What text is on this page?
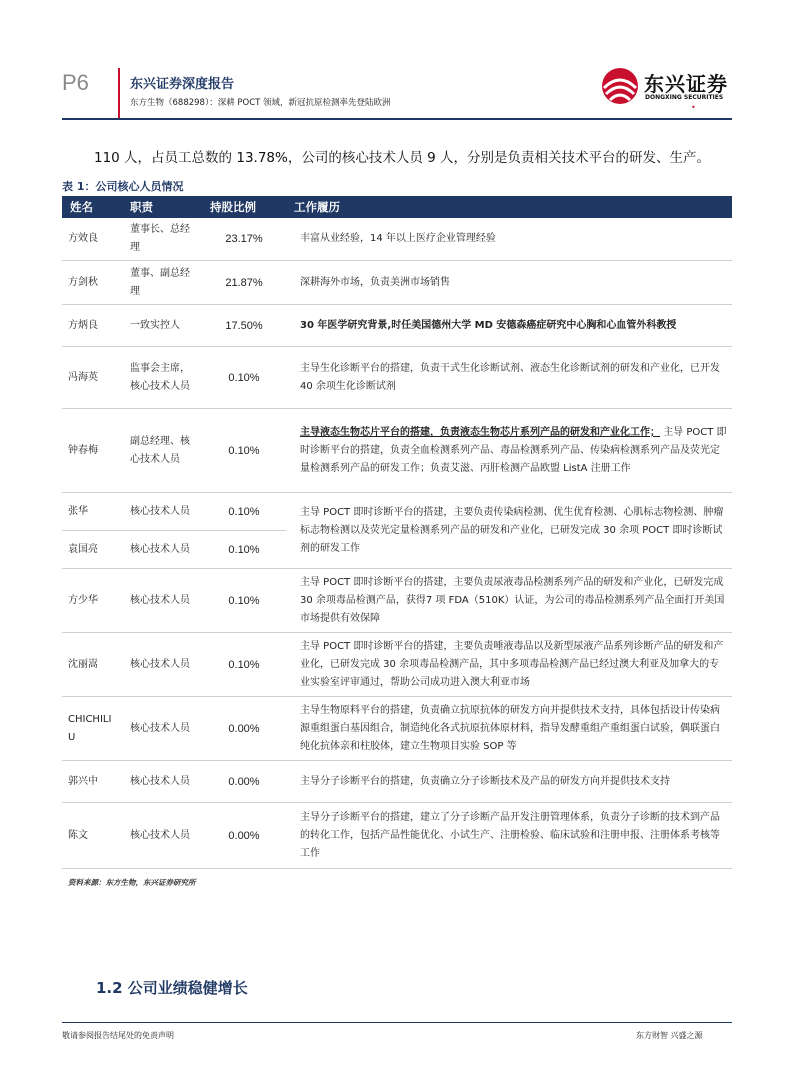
P6	东兴证券深度报告
东方生物（688298）：深耕 POCT 领域，新冠抗原检测率先登陆欧洲
东兴证券
DONGXING SECURITIES
•
110 人，占员工总数的 13.78%，公司的核心技术人员 9 人，分别是负责相关技术平台的研发、生产。
表 1：公司核心人员情况
姓名	职责	持股比例	工作履历
方效良	董事长、总经理	23.17%	丰富从业经验，14 年以上医疗企业管理经验
方剑秋	董事、副总经理	21.87%	深耕海外市场，负责美洲市场销售
方炳良	一致实控人	17.50%	30 年医学研究背景,时任美国德州大学 MD 安德森癌症研究中心胸和心血管外科教授
冯海英	监事会主席，核心技术人员	0.10%	主导生化诊断平台的搭建，负责干式生化诊断试剂、液态生化诊断试剂的研发和产业化，已开发 40 余项生化诊断试剂
钟春梅	副总经理、核心技术人员	0.10%	主导液态生物芯片平台的搭建，负责液态生物芯片系列产品的研发和产业化工作； 主导 POCT 即时诊断平台的搭建，负责全血检测系列产品、毒品检测系列产品、传染病检测系列产品及荧光定量检测系列产品的研发工作；负责艾滋、丙肝检测产品欧盟 ListA 注册工作
张华	核心技术人员	0.10%	主导 POCT 即时诊断平台的搭建，主要负责传染病检测、优生优育检测、心肌标志物检测、肿瘤标志物检测以及荧光定量检测系列产品的研发和产业化，已研发完成 30 余项 POCT 即时诊断试剂的研发工作
袁国亮	核心技术人员	0.10%	
方少华	核心技术人员	0.10%	主导 POCT 即时诊断平台的搭建，主要负责尿液毒品检测系列产品的研发和产业化，已研发完成 30 余项毒品检测产品，获得7 项 FDA（510K）认证，为公司的毒品检测系列产品全面打开美国市场提供有效保障
沈丽嵩	核心技术人员	0.10%	主导 POCT 即时诊断平台的搭建，主要负责唾液毒品以及新型尿液产品系列诊断产品的研发和产业化，已研发完成 30 余项毒品检测产品，其中多项毒品检测产品已经过澳大利亚及加拿大的专业实验室评审通过，帮助公司成功进入澳大利亚市场
CHICHILIU	核心技术人员	0.00%	主导生物原料平台的搭建，负责确立抗原抗体的研发方向并提供技术支持，具体包括设计传染病源重组蛋白基因组合，制造纯化各式抗原抗体原材料，指导发酵重组产重组蛋白试验，偶联蛋白纯化抗体亲和柱胶体，建立生物项目实验 SOP 等
郭兴中	核心技术人员	0.00%	主导分子诊断平台的搭建，负责确立分子诊断技术及产品的研发方向并提供技术支持
陈文	核心技术人员	0.00%	主导分子诊断平台的搭建，建立了分子诊断产品开发注册管理体系，负责分子诊断的技术到产品的转化工作，包括产品性能优化、小试生产、注册检验、临床试验和注册申报、注册体系考核等工作
资料来源：东方生物，东兴证券研究所
1.2 公司业绩稳健增长
敬请参阅报告结尾处的免责声明	东方财智 兴盛之源
